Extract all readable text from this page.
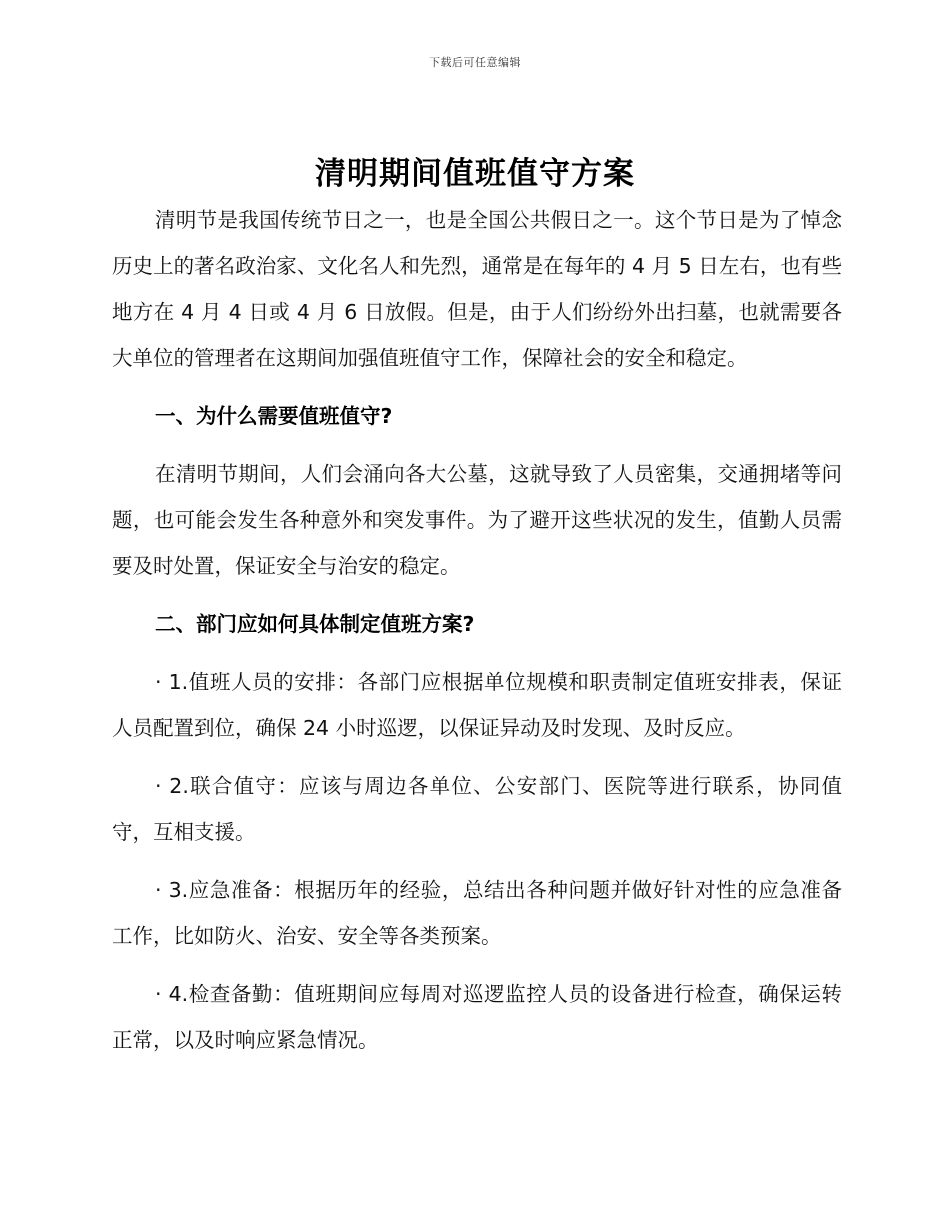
下载后可任意编辑
清明期间值班值守方案

清明节是我国传统节日之一，也是全国公共假日之一。这个节日是为了悼念历史上的著名政治家、文化名人和先烈，通常是在每年的 4 月 5 日左右，也有些地方在 4 月 4 日或 4 月 6 日放假。但是，由于人们纷纷外出扫墓，也就需要各大单位的管理者在这期间加强值班值守工作，保障社会的安全和稳定。

一、为什么需要值班值守?

在清明节期间，人们会涌向各大公墓，这就导致了人员密集，交通拥堵等问题，也可能会发生各种意外和突发事件。为了避开这些状况的发生，值勤人员需要及时处置，保证安全与治安的稳定。

二、部门应如何具体制定值班方案?

· 1.值班人员的安排：各部门应根据单位规模和职责制定值班安排表，保证人员配置到位，确保 24 小时巡逻，以保证异动及时发现、及时反应。

· 2.联合值守：应该与周边各单位、公安部门、医院等进行联系，协同值守，互相支援。

· 3.应急准备：根据历年的经验，总结出各种问题并做好针对性的应急准备工作，比如防火、治安、安全等各类预案。

· 4.检查备勤：值班期间应每周对巡逻监控人员的设备进行检查，确保运转正常，以及时响应紧急情况。
